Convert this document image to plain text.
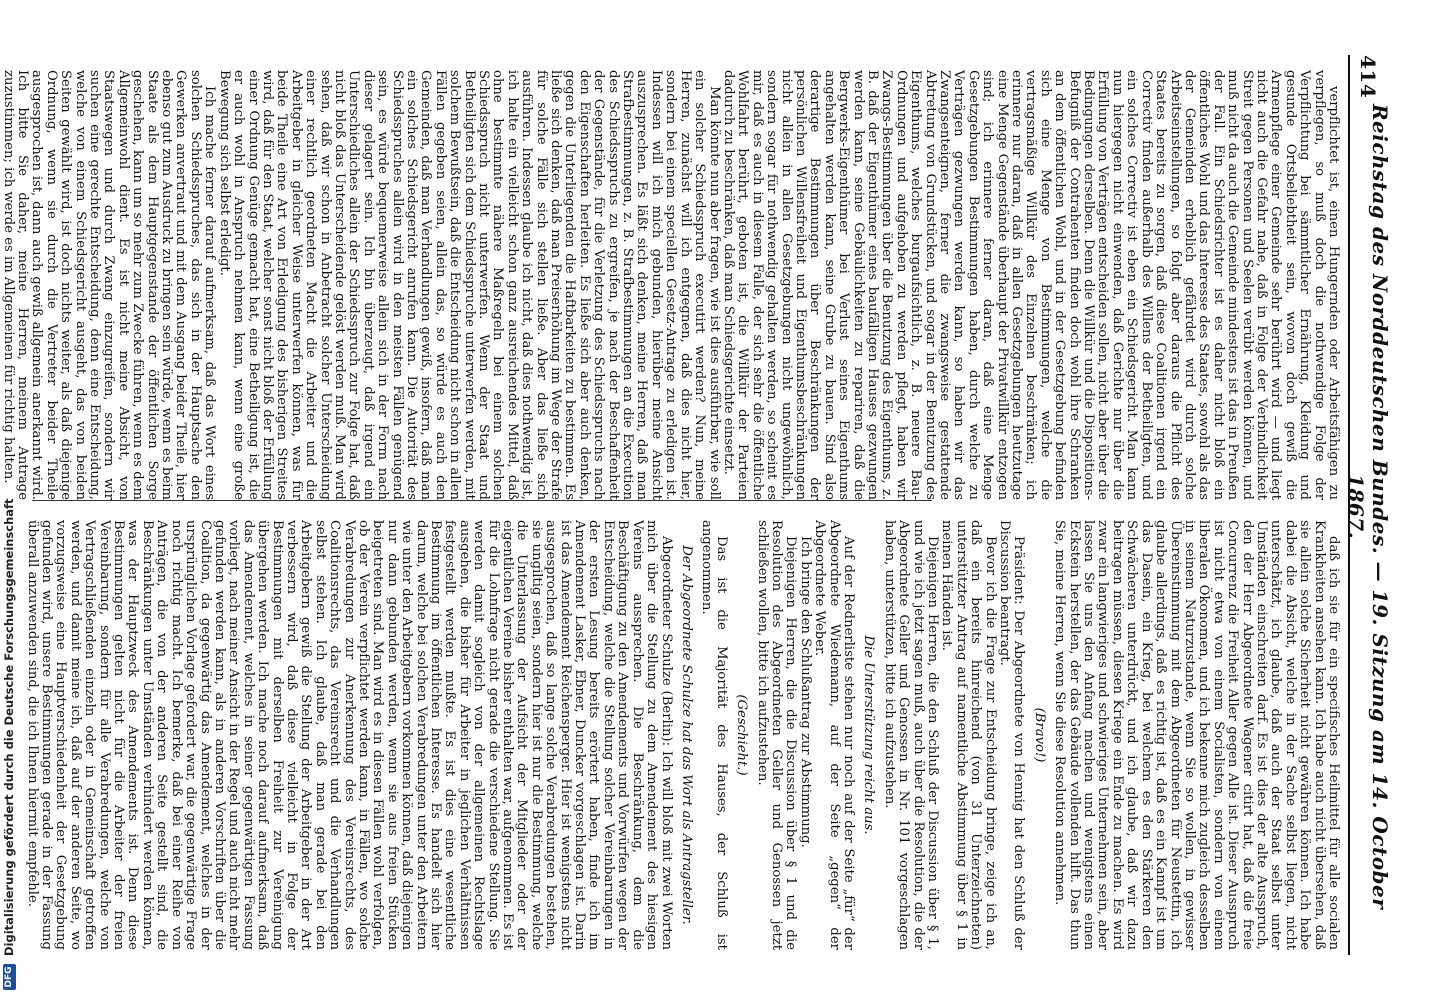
414
Reichstag des Norddeutschen Bundes. — 19. Sitzung am 14. October 1867.

verpflichtet ist, einen Hungernden oder Arbeitsfähigen zu verpflegen, so muß doch die nothwendige Folge der Verpflichtung bei sämmtlicher Ernährung, Kleidung und gesunde Ortsbeliebtheit sein, wovon doch gewiß die Armenpflege einer Gemeinde sehr berührt wird — und liegt nicht auch die Gefahr nahe, daß in Folge der Verbindlichkeit Streit gegen Personen und Seelen verübt werden können, und muß nicht da auch die Gemeinde mindestens ist das in Preußen der Fall. Ein Schiedsrichter ist es daher nicht bloß ein öffentliches Wohl und das Interesse des Staates, sowohl als das der Gemeinden erheblich gefährdet wird durch solche Arbeitseinstellungen, so folgt aber daraus die Pflicht des Staates bereits zu sorgen, daß diese Coalitionen irgend ein Correctiv finden außerhalb des Willens der Betheiligten, und ein solches Correctiv ist eben ein Schiedsgericht. Man kann nun hiergegen nicht einwenden, daß Gerichte nur über die Erfüllung von Verträgen entscheiden sollen, nicht aber über die Bedingungen derselben. Denn die Willkür und die Dispositions-Befugniß der Contrahenten finden doch wohl ihre Schranken an dem öffentlichen Wohl, und in der Gesetzgebung befinden sich eine Menge von Bestimmungen, welche die vertragsmäßige Willkür des Einzelnen beschränken; ich erinnere nur daran, daß in allen Gesetzgebungen heutzutage eine Menge Gegenstände überhaupt der Privatwillkür entzogen sind; ich erinnere ferner daran, daß eine Menge Gesetzgebungen Bestimmungen haben, durch welche zu Verträgen gezwungen werden kann, so haben wir das Zwangsenteignen, ferner die zwangsweise gestattende Abtretung von Grundstücken, und sogar in der Benutzung des Eigenthums, welches burgaufsichtlich, z. B. neuere Bau-Ordnungen und aufgehoben zu werden pflegt, haben wir Zwangs-Bestimmungen über die Benutzung des Eigenthums, z. B. daß der Eigenthümer eines baufälligen Hauses gezwungen werden kann, seine Gebäulichkeiten zu repariren, daß die Bergwerks-Eigenthümer bei Verlust seines Eigenthums angehalten werden kann, seine Grube zu bauen. Sind also derartige Bestimmungen über Beschränkungen der persönlichen Willensfreiheit und Eigenthumsbeschränkungen nicht allein in allen Gesetzgebungen nicht ungewöhnlich, sondern sogar für nothwendig gehalten werden, so scheint es mir, daß es auch in diesem Falle, der sich sehr die öffentliche Wohlfahrt berührt, geboten ist, die Willkür der Parteien dadurch zu beschränken, daß man Schiedsgerichte einsetzt.

Man könnte nun aber fragen, wie ist dies ausführbar, wie soll ein solcher Schiedsspruch executirt werden? Nun, meine Herren, zunächst will ich entgegnen, daß dies nicht hier, sondern bei einem speciellen Gesetz-Antrage zu erledigen ist. Indessen will ich mich gebunden, hierüber meine Ansicht auszusprechen. Es läßt sich denken, meine Herren, daß man Strafbestimmungen, z. B. Strafbestimmungen an die Execution des Schiedsspruchs zu ergreifen, je nach der Beschaffenheit der Gegenstände, für die Verletzung des Schiedsspruchs nach den Eigenschaften herleiten. Es ließe sich aber auch denken, gegen die Unterliegenden die Haftbarkeiten zu bestimmen. Es ließe sich denken, daß man Preiserhöhung im Wege der Strafe für solche Fälle sich stellen ließe. Aber das ließe sich ausführen. Indessen glaube ich nicht, daß dies nothwendig ist, ich halte ein vielleicht schon ganz ausreichendes Mittel, daß ohne bestimmte nähere Maßregeln bei einem solchen Schiedsspruch nicht unterwerfen. Wenn der Staat und Betheiligten sich dem Schiedsspruche unterwerfen werden, mit solchem Bewußtsein, daß die Entscheidung nicht schon in allen Fällen gegeben seien, allein das, so würde es auch den Gemeinden, daß man Verhandlungen gewiß, insofern, daß man ein solches Schiedsgericht anrufen kann. Die Autorität des Schiedsspruches allein wird in den meisten Fällen genügend sein, es würde bequemerweise allein sich in der Form nach dieser gelagert sein. Ich bin überzeugt, daß irgend ein Unterschiedliches allein der Schiedsspruch zur Folge hat, daß nicht bloß das Unterscheidende gelöst werden muß. Man wird sehen, daß wir schon in Anbetracht solcher Unterscheidung einer rechtlich geordneten Macht die Arbeiter und die Arbeitgeber in gleicher Weise unterwerfen können, was für beide Theile eine Art von Erledigung des bisherigen Streites wird, daß für den Staat, welcher sonst nicht bloß der Erfüllung einer Ordnung Genüge gemacht hat, eine Betheiligung ist, die er auch wohl in Anspruch nehmen kann, wenn eine große Bewegung sich selbst erledigt.

Ich mache ferner darauf aufmerksam, daß das Wort eines solchen Schiedsspruches, das sich in der Hauptsache den Gewerken anvertraut und mit dem Ausgang beider Theile, hier ebenso gut zum Ausdruck zu bringen sein würde, wenn es beim Staate als dem Hauptgegenstande der öffentlichen Sorge geschehen, kann um so mehr zum Zwecke führen, wenn es dem Allgemeinwohl dient. Es ist nicht meine Absicht, von Staatswegen und durch Zwang einzugreifen, sondern wir suchen eine gerechte Entscheidung, denn eine Entscheidung, welche von einem Schiedsgericht ausgeht, das von beiden Seiten gewählt wird, ist doch nichts weiter, als daß diejenige Ordnung, wenn sie durch die Vertreter beider Theile ausgesprochen ist, dann auch gewiß allgemein anerkannt wird. Ich bitte Sie daher, meine Herren, meinem Antrage zuzustimmen; ich werde es im Allgemeinen für richtig halten.

daß ich sie für ein specifisches Heilmittel für alle socialen Krankheiten ansehen kann. Ich habe auch nicht übersehen, daß sie allein solche Sicherheit nicht gewähren können. Ich habe dabei die Absicht, welche in der Sache selbst liegen, nicht unterschätzt, ich glaube, daß auch der Staat selbst unter Umständen einschreiten darf. Es ist dies der alte Ausspruch, den der Herr Abgeordnete Wagener citirt hat, daß die freie Concurrenz die Freiheit Aller gegen Alle ist. Dieser Ausspruch ist nicht etwa von einem Socialisten, sondern von einem liberalen Ökonomen, und ich bekenne mich zugleich desselben in seinem Naturzustande, wenn Sie so wollen, in gewisser Übereinstimmung mit dem Abgeordneten für Neustettin, ich glaube allerdings, daß es richtig ist, daß es ein Kampf ist um das Dasein, ein Krieg, bei welchem es den Stärkeren den Schwächeren unterdrückt, und ich glaube, daß wir dazu beitragen müssen, diesen Kriege ein Ende zu machen. Es wird zwar ein langwieriges und schwieriges Unternehmen sein, aber lassen Sie uns den Anfang machen und wenigstens einen Eckstein herstellen, der das Gebäude vollenden hilft. Das thun Sie, meine Herren, wenn Sie diese Resolution annehmen.

(Bravo!)

Präsident: Der Abgeordnete von Hennig hat den Schluß der Discussion beantragt.

Bevor ich die Frage zur Entscheidung bringe, zeige ich an, daß ein bereits hinreichend (von 31 Unterzeichneten) unterstützter Antrag auf namentliche Abstimmung über § 1 in meinen Händen ist.

Diejenigen Herren, die den Schluß der Discussion über § 1, und wie ich jetzt sagen muß, auch über die Resolution, die der Abgeordnete Geller und Genossen in Nr. 101 vorgeschlagen haben, unterstützen, bitte ich aufzustehen.

Die Unterstützung reicht aus.

Auf der Rednerliste stehen nur noch auf der Seite „für“ der Abgeordnete Wiedemann, auf der Seite „gegen“ der Abgeordnete Weber.

Ich bringe den Schlußantrag zur Abstimmung.

Diejenigen Herren, die die Discussion über § 1 und die Resolution des Abgeordneten Geller und Genossen jetzt schließen wollen, bitte ich aufzustehen.

(Geschieht.)

Das ist die Majorität des Hauses, der Schluß ist angenommen.

Der Abgeordnete Schulze hat das Wort als Antragsteller.

Abgeordneter Schulze (Berlin): Ich will bloß mit zwei Worten mich über die Stellung zu dem Amendement des hiesigen Vereins aussprechen. Die Beschränkung, dem die Beschäftigung zu den Amendements und Vorwürfen wegen der Entscheidung, welche die Stellung solcher Vereinbarungen in der ersten Lesung bereits erörtert haben, finde ich im Amendement Lasker, Ebner, Duncker vorgeschlagen ist. Darin ist das Amendement Reichensperger. Hier ist wenigstens nicht ausgesprochen, daß so lange solche Verabredungen bestehen, sie ungiltig seien, sondern hier ist nur die Bestimmung, welche die Unterlassung der Aufsicht der Mitglieder oder der eigentlichen Vereine bisher enthalten war, aufgenommen. Es ist für die Lohnfrage nicht gerade die verschiedene Stellung. Sie werden damit sogleich von der allgemeinen Rechtslage ausgehen, die bisher für Arbeiter in jeglichen Verhältnissen festgestellt werden mußte. Es ist dies eine wesentliche Bestimmung im öffentlichen Interesse. Es handelt sich hier darum, welche bei solchen Verabredungen unter den Arbeitern wie unter den Arbeitgebern vorkommen können, daß diejenigen nur dann gebunden werden, wenn sie aus freien Stücken beigetreten sind. Man wird es in diesen Fällen wohl verfolgen, ob der Verein verpflichtet werden kann, in Fällen, wo solche Verabredungen zur Anerkennung des Vereinsrechts, des Coalitionsrechts, das Vereinsrecht und die Verhandlungen selbst stehen. Ich glaube, daß man gerade bei den Arbeitgebern gewiß die Stellung der Arbeitgeber in der Art verbessern wird, daß diese vielleicht in Folge der Bestimmungen mit derselben Freiheit zur Vereinigung übergehen werden. Ich mache noch darauf aufmerksam, daß das Amendement, welches in seiner gegenwärtigen Fassung vorliegt, nach meiner Ansicht in der Regel und auch nicht mehr gefunden werden kann, als in anderen Vorschriften über die Coalition, da gegenwärtig das Amendement, welches in der ursprünglichen Vorlage gefordert war, die gegenwärtige Frage noch richtig macht. Ich bemerke, daß bei einer Reihe von Anträgen, die von der anderen Seite gestellt sind, die Beschränkungen unter Umständen verhindert werden können, was der Hauptzweck des Amendements ist. Denn diese Bestimmungen gelten nicht für die Arbeiter der freien Vereinbarung, sondern für alle Verabredungen, welche von Vertragschließenden einzeln oder in Gemeinschaft getroffen werden, und damit meine ich, daß auf der anderen Seite, wo vorzugsweise eine Hauptverschiedenheit der Gesetzgebung gefunden wird, unsere Bestimmungen gerade in der Fassung überall anzuwenden sind, die ich Ihnen hiermit empfehle.

DFG
Digitalisierung gefördert durch die Deutsche Forschungsgemeinschaft
